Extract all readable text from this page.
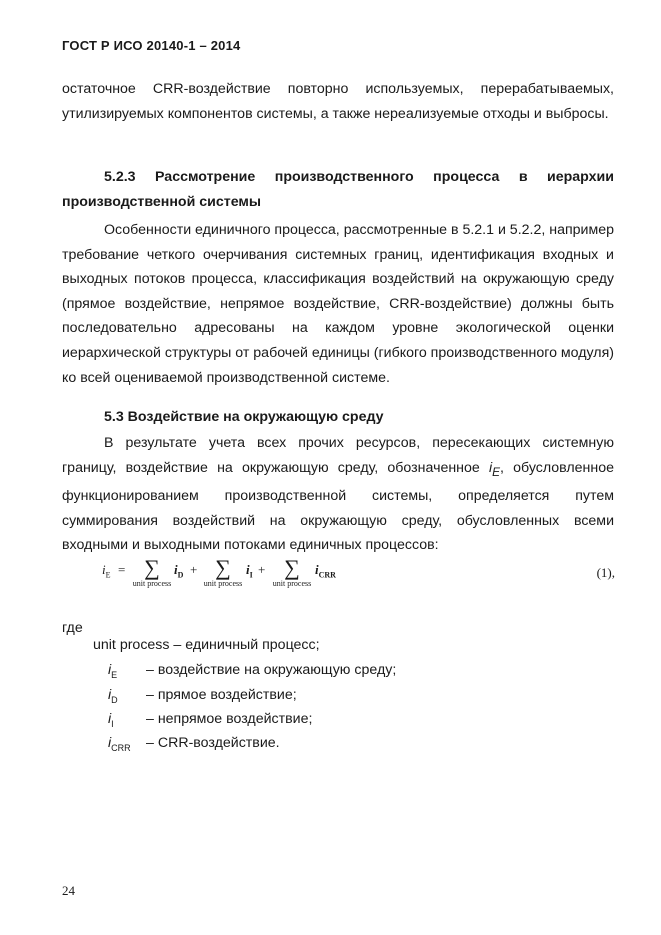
ГОСТ Р ИСО 20140-1 – 2014

остаточное CRR-воздействие повторно используемых, перерабатываемых, утилизируемых компонентов системы, а также нереализуемые отходы и выбросы.

5.2.3 Рассмотрение производственного процесса в иерархии производственной системы

Особенности единичного процесса, рассмотренные в 5.2.1 и 5.2.2, например требование четкого очерчивания системных границ, идентификация входных и выходных потоков процесса, классификация воздействий на окружающую среду (прямое воздействие, непрямое воздействие, CRR-воздействие) должны быть последовательно адресованы на каждом уровне экологической оценки иерархической структуры от рабочей единицы (гибкого производственного модуля) ко всей оцениваемой производственной системе.

5.3 Воздействие на окружающую среду

В результате учета всех прочих ресурсов, пересекающих системную границу, воздействие на окружающую среду, обозначенное $i_E$, обусловленное функционированием производственной системы, определяется путем суммирования воздействий на окружающую среду, обусловленных всеми входными и выходными потоками единичных процессов:

$i_E$ = ∑
unit process
$i_D$ + ∑
unit process
$i_I$ + ∑
unit process
$i_{CRR}$	(1),
где
unit process – единичный процесс;
$i_E$ – воздействие на окружающую среду;
$i_D$ – прямое воздействие;
$i_I$ – непрямое воздействие;
$i_{CRR}$ – CRR-воздействие.
24
